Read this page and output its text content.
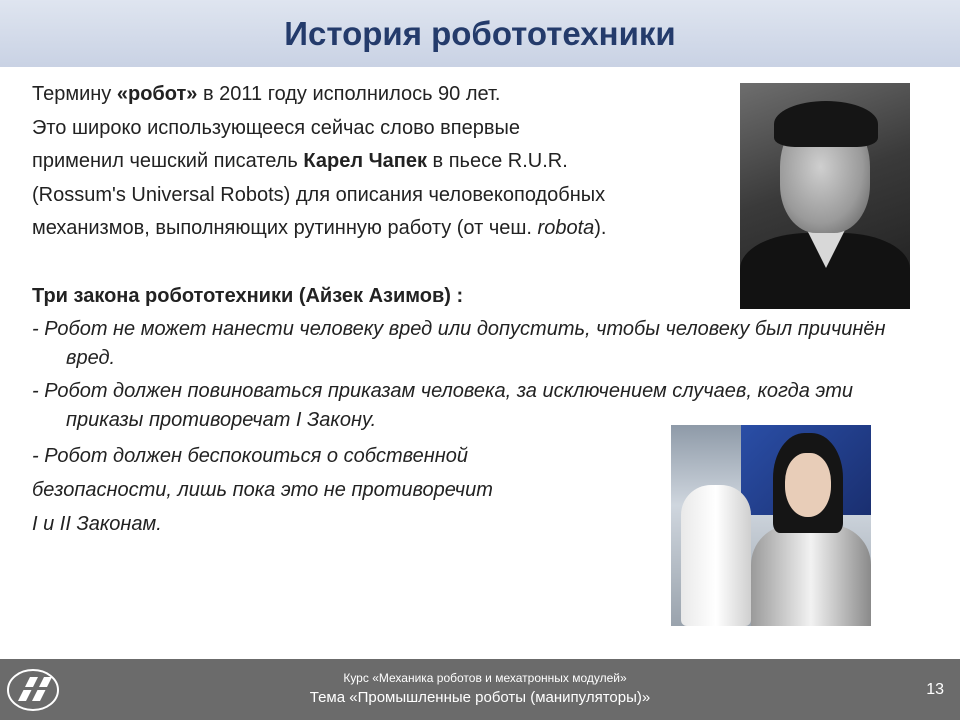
История робототехники

Термину «робот» в 2011 году исполнилось 90 лет.

Это широко использующееся сейчас слово впервые

применил чешский писатель Карел Чапек в пьесе R.U.R.

(Rossum's Universal Robots) для описания человекоподобных

механизмов, выполняющих рутинную работу (от чеш. robota).

Три закона робототехники (Айзек Азимов) :

- Робот не может нанести человеку вред или допустить, чтобы человеку был причинён вред.

- Робот должен повиноваться приказам человека, за исключением случаев, когда эти приказы противоречат I Закону.

- Робот должен беспокоиться о собственной

безопасности, лишь пока это не противоречит

I и II Законам.

Курс «Механика роботов и мехатронных модулей»
Тема «Промышленные роботы (манипуляторы)»	13
